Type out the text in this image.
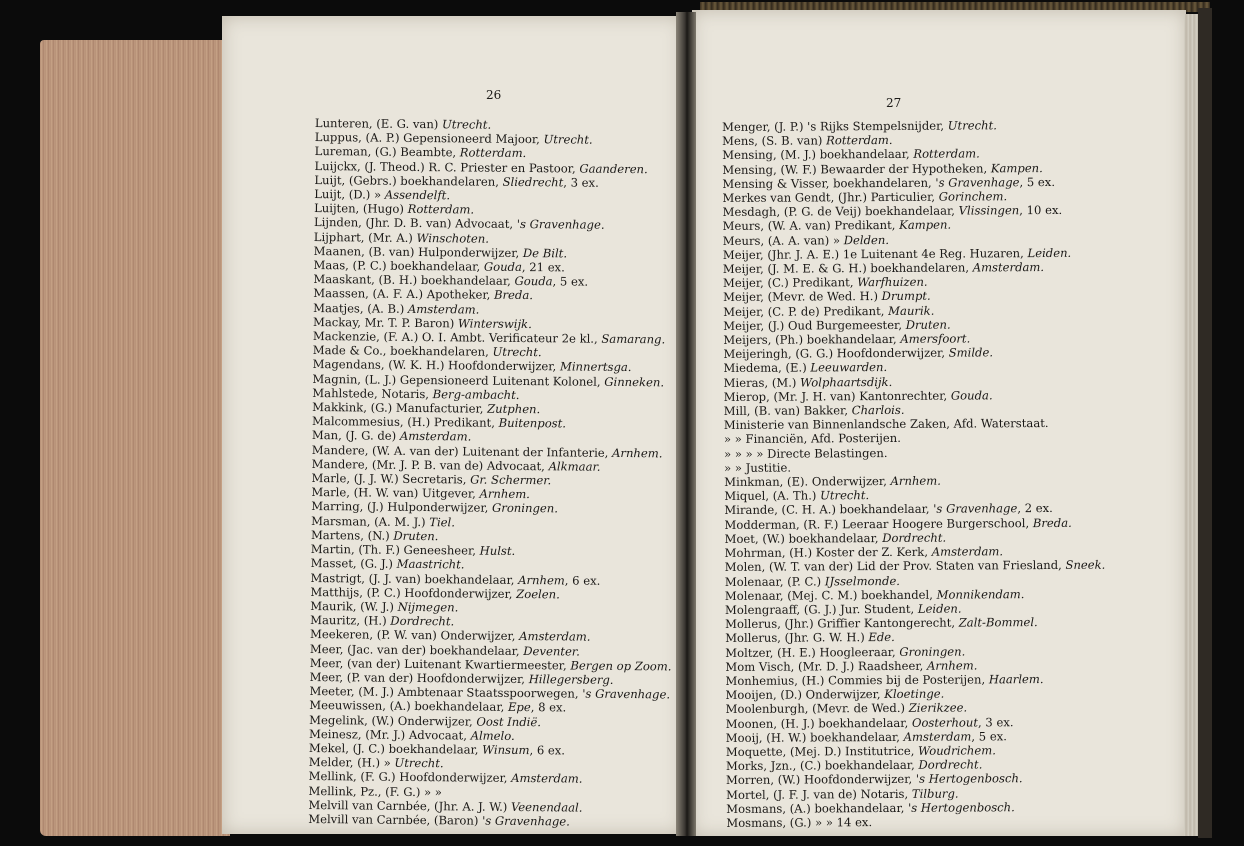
26
27
Lunteren, (E. G. van) Utrecht.
Luppus, (A. P.) Gepensioneerd Majoor, Utrecht.
Lureman, (G.) Beambte, Rotterdam.
Luijckx, (J. Theod.) R. C. Priester en Pastoor, Gaanderen.
Luijt, (Gebrs.) boekhandelaren, Sliedrecht, 3 ex.
Luijt, (D.) » Assendelft.
Luijten, (Hugo) Rotterdam.
Lijnden, (Jhr. D. B. van) Advocaat, 's Gravenhage.
Lijphart, (Mr. A.) Winschoten.
Maanen, (B. van) Hulponderwijzer, De Bilt.
Maas, (P. C.) boekhandelaar, Gouda, 21 ex.
Maaskant, (B. H.) boekhandelaar, Gouda, 5 ex.
Maassen, (A. F. A.) Apotheker, Breda.
Maatjes, (A. B.) Amsterdam.
Mackay, Mr. T. P. Baron) Winterswijk.
Mackenzie, (F. A.) O. I. Ambt. Verificateur 2e kl., Samarang.
Made & Co., boekhandelaren, Utrecht.
Magendans, (W. K. H.) Hoofdonderwijzer, Minnertsga.
Magnin, (L. J.) Gepensioneerd Luitenant Kolonel, Ginneken.
Mahlstede, Notaris, Berg-ambacht.
Makkink, (G.) Manufacturier, Zutphen.
Malcommesius, (H.) Predikant, Buitenpost.
Man, (J. G. de) Amsterdam.
Mandere, (W. A. van der) Luitenant der Infanterie, Arnhem.
Mandere, (Mr. J. P. B. van de) Advocaat, Alkmaar.
Marle, (J. J. W.) Secretaris, Gr. Schermer.
Marle, (H. W. van) Uitgever, Arnhem.
Marring, (J.) Hulponderwijzer, Groningen.
Marsman, (A. M. J.) Tiel.
Martens, (N.) Druten.
Martin, (Th. F.) Geneesheer, Hulst.
Masset, (G. J.) Maastricht.
Mastrigt, (J. J. van) boekhandelaar, Arnhem, 6 ex.
Matthijs, (P. C.) Hoofdonderwijzer, Zoelen.
Maurik, (W. J.) Nijmegen.
Mauritz, (H.) Dordrecht.
Meekeren, (P. W. van) Onderwijzer, Amsterdam.
Meer, (Jac. van der) boekhandelaar, Deventer.
Meer, (van der) Luitenant Kwartiermeester, Bergen op Zoom.
Meer, (P. van der) Hoofdonderwijzer, Hillegersberg.
Meeter, (M. J.) Ambtenaar Staatsspoorwegen, 's Gravenhage.
Meeuwissen, (A.) boekhandelaar, Epe, 8 ex.
Megelink, (W.) Onderwijzer, Oost Indië.
Meinesz, (Mr. J.) Advocaat, Almelo.
Mekel, (J. C.) boekhandelaar, Winsum, 6 ex.
Melder, (H.) » Utrecht.
Mellink, (F. G.) Hoofdonderwijzer, Amsterdam.
Mellink, Pz., (F. G.) » »
Melvill van Carnbée, (Jhr. A. J. W.) Veenendaal.
Melvill van Carnbée, (Baron) 's Gravenhage.
Menger, (J. P.) 's Rijks Stempelsnijder, Utrecht.
Mens, (S. B. van) Rotterdam.
Mensing, (M. J.) boekhandelaar, Rotterdam.
Mensing, (W. F.) Bewaarder der Hypotheken, Kampen.
Mensing & Visser, boekhandelaren, 's Gravenhage, 5 ex.
Merkes van Gendt, (Jhr.) Particulier, Gorinchem.
Mesdagh, (P. G. de Veij) boekhandelaar, Vlissingen, 10 ex.
Meurs, (W. A. van) Predikant, Kampen.
Meurs, (A. A. van) » Delden.
Meijer, (Jhr. J. A. E.) 1e Luitenant 4e Reg. Huzaren, Leiden.
Meijer, (J. M. E. & G. H.) boekhandelaren, Amsterdam.
Meijer, (C.) Predikant, Warfhuizen.
Meijer, (Mevr. de Wed. H.) Drumpt.
Meijer, (C. P. de) Predikant, Maurik.
Meijer, (J.) Oud Burgemeester, Druten.
Meijers, (Ph.) boekhandelaar, Amersfoort.
Meijeringh, (G. G.) Hoofdonderwijzer, Smilde.
Miedema, (E.) Leeuwarden.
Mieras, (M.) Wolphaartsdijk.
Mierop, (Mr. J. H. van) Kantonrechter, Gouda.
Mill, (B. van) Bakker, Charlois.
Ministerie van Binnenlandsche Zaken, Afd. Waterstaat.
» » Financiën, Afd. Posterijen.
» » » » Directe Belastingen.
» » Justitie.
Minkman, (E). Onderwijzer, Arnhem.
Miquel, (A. Th.) Utrecht.
Mirande, (C. H. A.) boekhandelaar, 's Gravenhage, 2 ex.
Modderman, (R. F.) Leeraar Hoogere Burgerschool, Breda.
Moet, (W.) boekhandelaar, Dordrecht.
Mohrman, (H.) Koster der Z. Kerk, Amsterdam.
Molen, (W. T. van der) Lid der Prov. Staten van Friesland, Sneek.
Molenaar, (P. C.) IJsselmonde.
Molenaar, (Mej. C. M.) boekhandel, Monnikendam.
Molengraaff, (G. J.) Jur. Student, Leiden.
Mollerus, (Jhr.) Griffier Kantongerecht, Zalt-Bommel.
Mollerus, (Jhr. G. W. H.) Ede.
Moltzer, (H. E.) Hoogleeraar, Groningen.
Mom Visch, (Mr. D. J.) Raadsheer, Arnhem.
Monhemius, (H.) Commies bij de Posterijen, Haarlem.
Mooijen, (D.) Onderwijzer, Kloetinge.
Moolenburgh, (Mevr. de Wed.) Zierikzee.
Moonen, (H. J.) boekhandelaar, Oosterhout, 3 ex.
Mooij, (H. W.) boekhandelaar, Amsterdam, 5 ex.
Moquette, (Mej. D.) Institutrice, Woudrichem.
Morks, Jzn., (C.) boekhandelaar, Dordrecht.
Morren, (W.) Hoofdonderwijzer, 's Hertogenbosch.
Mortel, (J. F. J. van de) Notaris, Tilburg.
Mosmans, (A.) boekhandelaar, 's Hertogenbosch.
Mosmans, (G.) » » 14 ex.
